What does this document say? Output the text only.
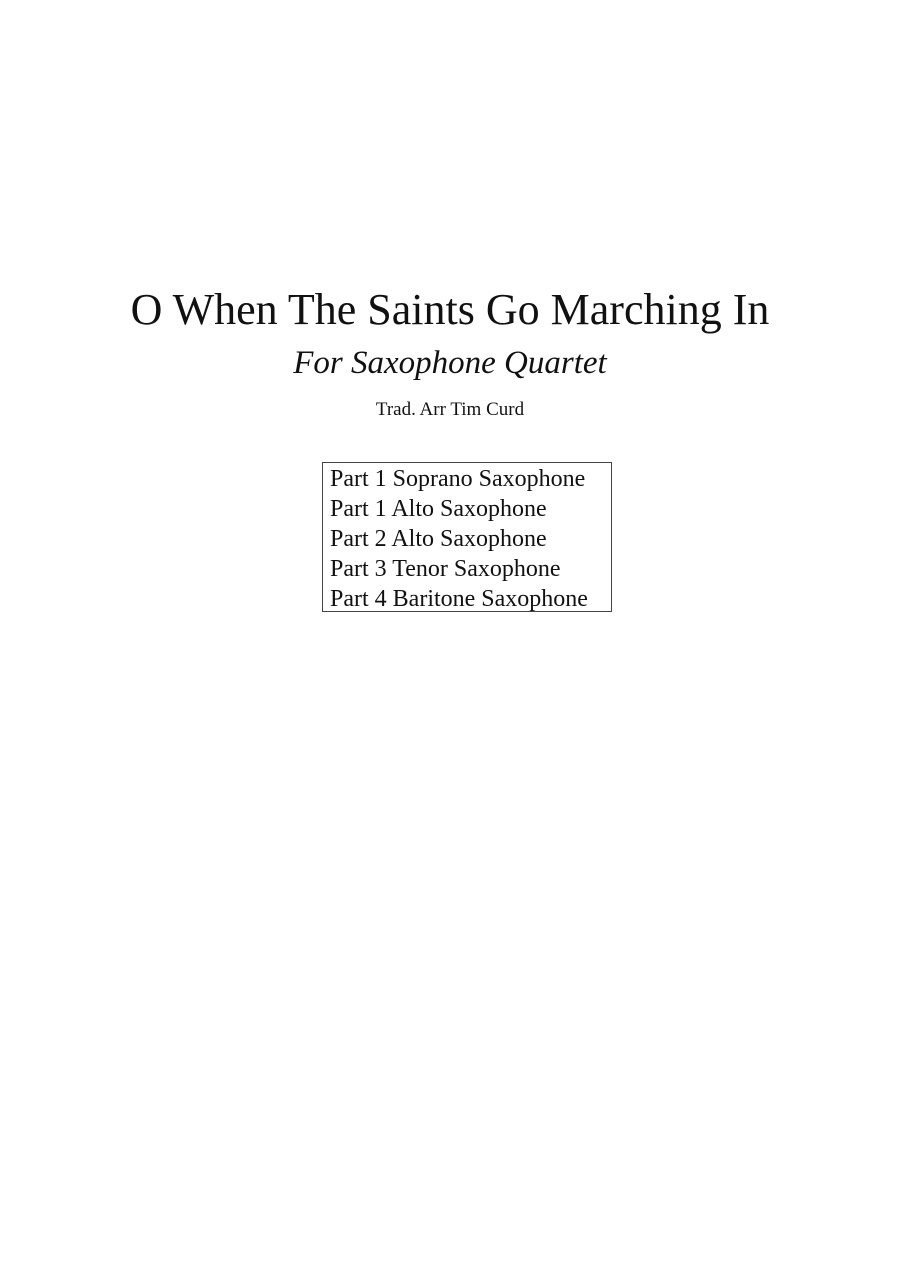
O When The Saints Go Marching In
For Saxophone Quartet
Trad. Arr Tim Curd
Part 1 Soprano Saxophone
Part 1 Alto Saxophone
Part 2 Alto Saxophone
Part 3 Tenor Saxophone
Part 4 Baritone Saxophone
